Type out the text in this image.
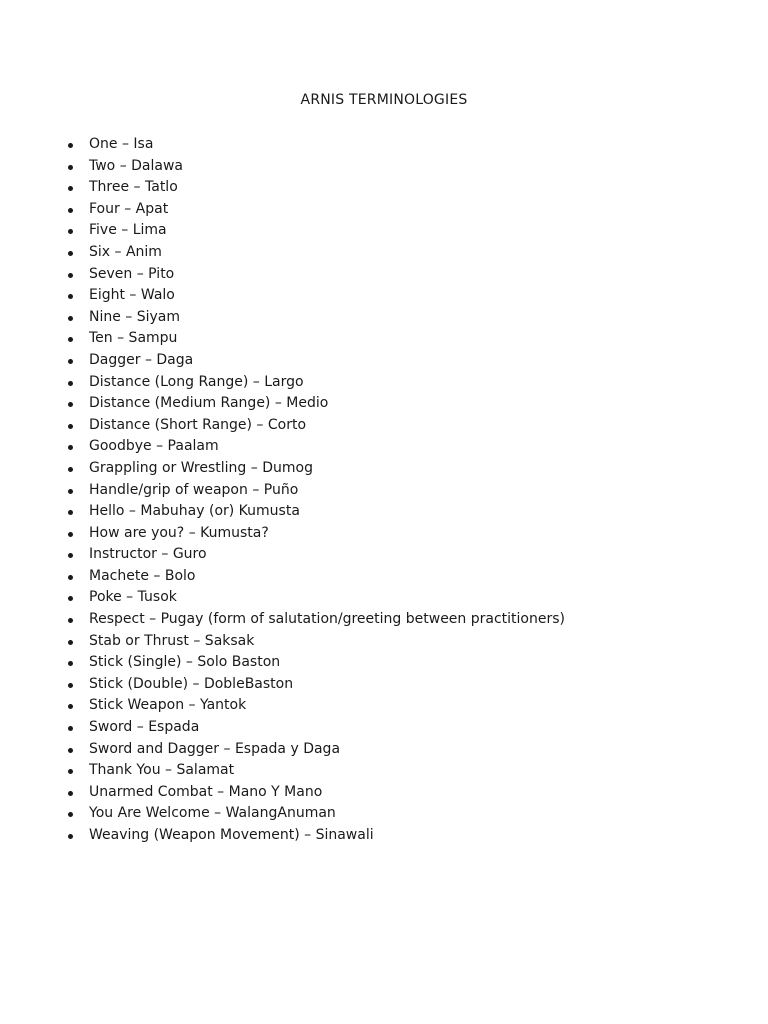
ARNIS TERMINOLOGIES
One – Isa
Two – Dalawa
Three – Tatlo
Four – Apat
Five – Lima
Six – Anim
Seven – Pito
Eight – Walo
Nine – Siyam
Ten – Sampu
Dagger – Daga
Distance (Long Range) – Largo
Distance (Medium Range) – Medio
Distance (Short Range) – Corto
Goodbye – Paalam
Grappling or Wrestling – Dumog
Handle/grip of weapon – Puño
Hello – Mabuhay (or) Kumusta
How are you? – Kumusta?
Instructor – Guro
Machete – Bolo
Poke – Tusok
Respect – Pugay (form of salutation/greeting between practitioners)
Stab or Thrust – Saksak
Stick (Single) – Solo Baston
Stick (Double) – DobleBaston
Stick Weapon – Yantok
Sword – Espada
Sword and Dagger – Espada y Daga
Thank You – Salamat
Unarmed Combat – Mano Y Mano
You Are Welcome – WalangAnuman
Weaving (Weapon Movement) – Sinawali
